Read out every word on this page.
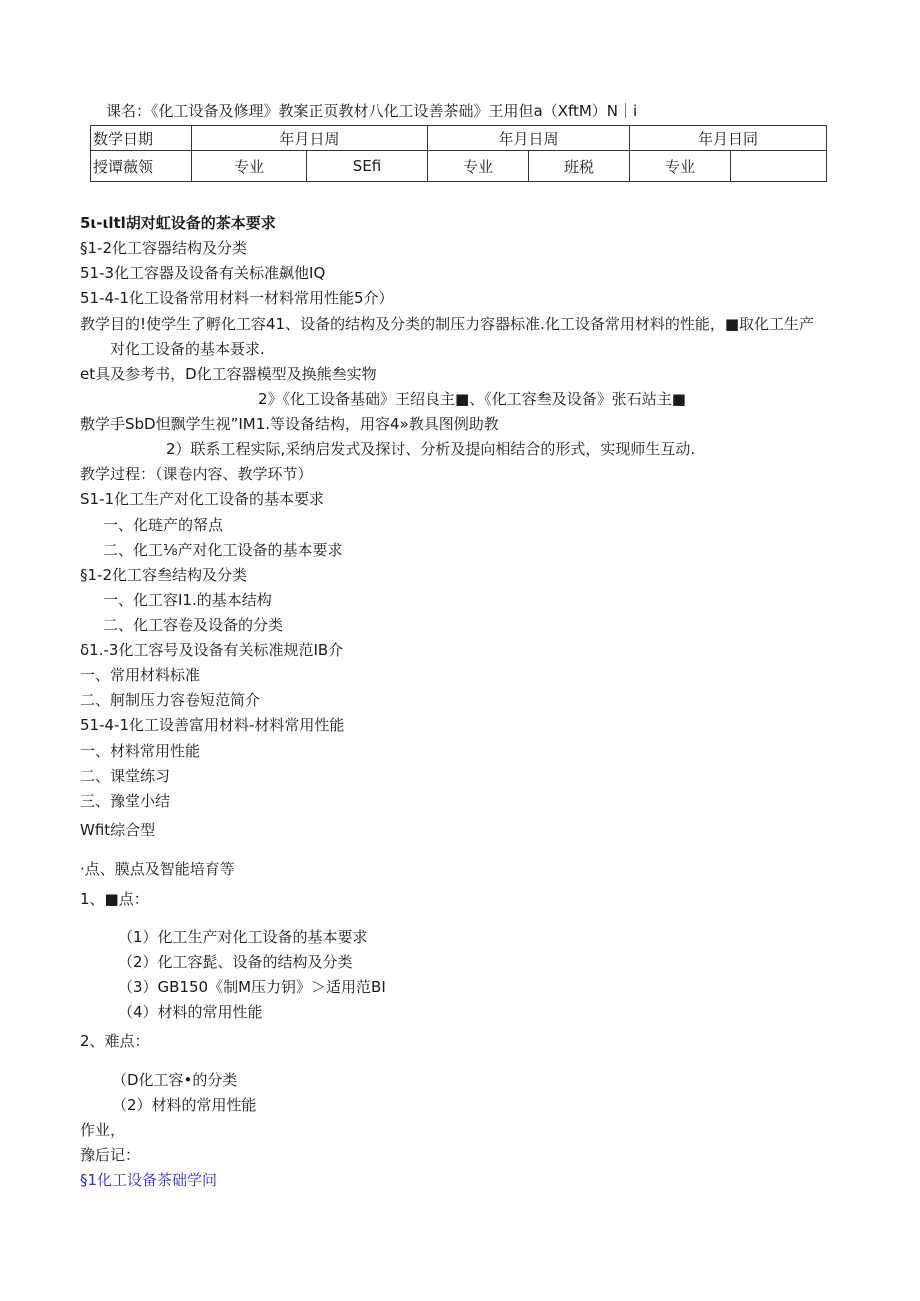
课名：《化工设备及修理》教案正页教材八化工设善茶础》王用但a（XftM）N｜i
数学日期	年月日周		年月日周		年月日同	
授谭薇领	专业	SEfi	专业	班税	专业	
5ι-ιltl胡对虹设备的茶本要求
§1-2化工容器结构及分类
51-3化工容器及设备有关标准飙他IQ
51-4-1化工设备常用材料一材料常用性能5介）
教学目的!使学生了孵化工容41、设备的结构及分类的制压力容器标准.化工设备常用材料的性能，■取化工生产
对化工设备的基本聂求.
et具及参考书，D化工容器模型及换熊叁实物
2》《化工设备基础》王绍良主■、《化工容叁及设备》张石站主■
敷学手SbD怛飘学生视”IM1.等设备结构，用容4»教具图例助教
2）联系工程实际,采纳启发式及探讨、分析及提向相结合的形式，实现师生互动.
教学过程：（课卷内容、教学环节）
S1-1化工生产对化工设备的基本要求
一、化琏产的帑点
二、化工⅛产对化工设备的基本要求
§1-2化工容叁结构及分类
一、化工容I1.的基本结构
二、化工容卷及设备的分类
δ1.-3化工容号及设备有关标准规范IB介
一、常用材料标准
二、舸制压力容卷短范简介
51-4-1化工设善富用材料-材料常用性能
一、材料常用性能
二、课堂练习
三、豫堂小结
Wfit综合型
·点、膜点及智能培育等
1、■点：
（1）化工生产对化工设备的基本要求
（2）化工容髭、设备的结构及分类
（3）GB150《制M压力钥》＞适用范BI
（4）材料的常用性能
2、难点：
（D化工容•的分类
（2）材料的常用性能
作业，
豫后记：
§1化工设备茶础学问
